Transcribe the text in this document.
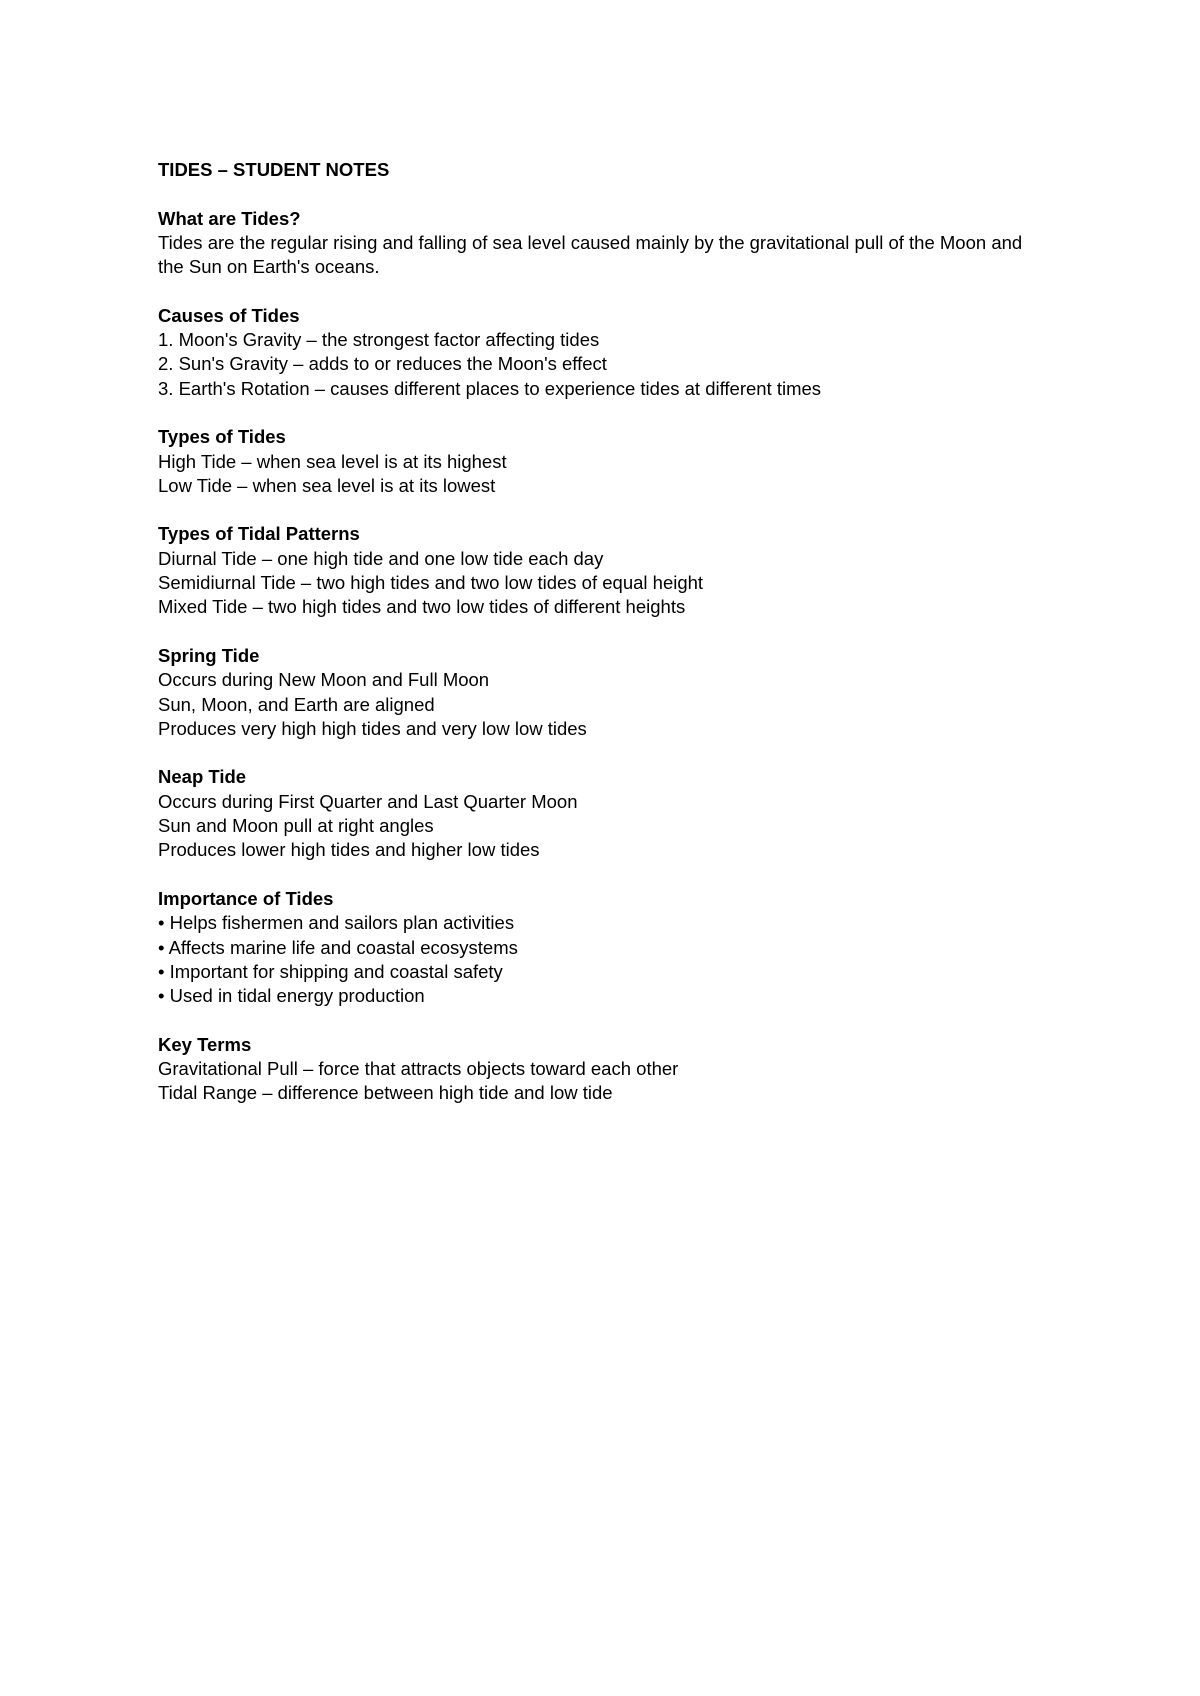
TIDES – STUDENT NOTES

What are Tides?

Tides are the regular rising and falling of sea level caused mainly by the gravitational pull of the Moon and the Sun on Earth's oceans.

Causes of Tides

1. Moon's Gravity – the strongest factor affecting tides

2. Sun's Gravity – adds to or reduces the Moon's effect

3. Earth's Rotation – causes different places to experience tides at different times

Types of Tides

High Tide – when sea level is at its highest

Low Tide – when sea level is at its lowest

Types of Tidal Patterns

Diurnal Tide – one high tide and one low tide each day

Semidiurnal Tide – two high tides and two low tides of equal height

Mixed Tide – two high tides and two low tides of different heights

Spring Tide

Occurs during New Moon and Full Moon

Sun, Moon, and Earth are aligned

Produces very high high tides and very low low tides

Neap Tide

Occurs during First Quarter and Last Quarter Moon

Sun and Moon pull at right angles

Produces lower high tides and higher low tides

Importance of Tides

• Helps fishermen and sailors plan activities

• Affects marine life and coastal ecosystems

• Important for shipping and coastal safety

• Used in tidal energy production

Key Terms

Gravitational Pull – force that attracts objects toward each other

Tidal Range – difference between high tide and low tide
